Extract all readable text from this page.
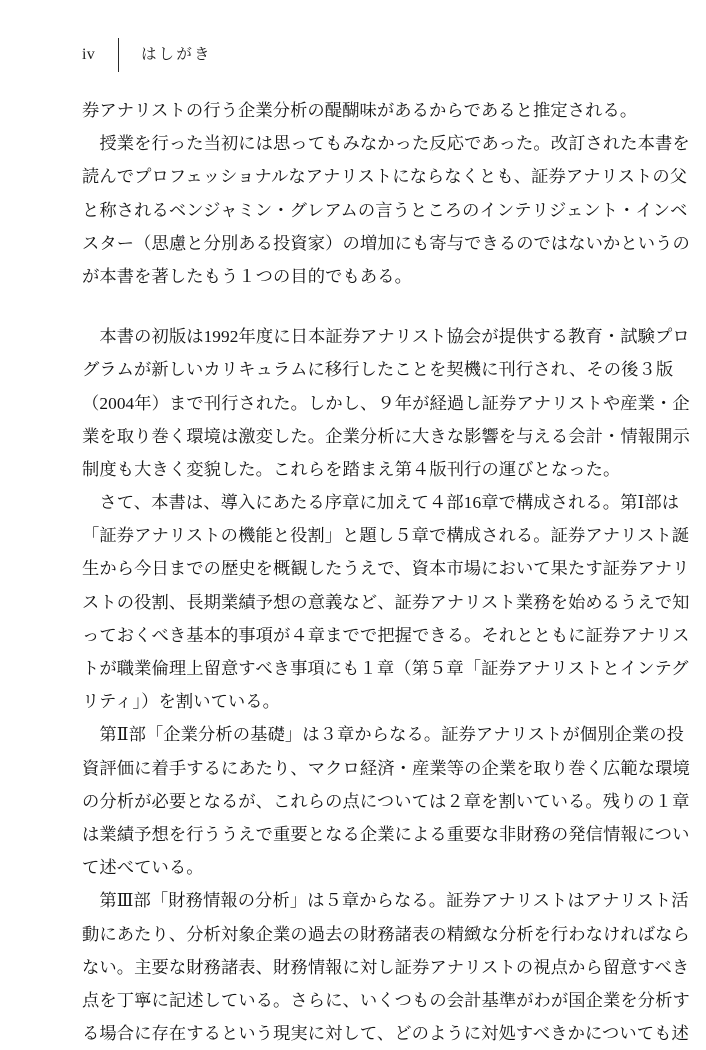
iv	はしがき
券アナリストの行う企業分析の醍醐味があるからであると推定される。
　授業を行った当初には思ってもみなかった反応であった。改訂された本書を
読んでプロフェッショナルなアナリストにならなくとも、証券アナリストの父
と称されるベンジャミン・グレアムの言うところのインテリジェント・インベ
スター（思慮と分別ある投資家）の増加にも寄与できるのではないかというの
が本書を著したもう１つの目的でもある。
　本書の初版は1992年度に日本証券アナリスト協会が提供する教育・試験プロ
グラムが新しいカリキュラムに移行したことを契機に刊行され、その後３版
（2004年）まで刊行された。しかし、９年が経過し証券アナリストや産業・企
業を取り巻く環境は激変した。企業分析に大きな影響を与える会計・情報開示
制度も大きく変貌した。これらを踏まえ第４版刊行の運びとなった。
　さて、本書は、導入にあたる序章に加えて４部16章で構成される。第Ⅰ部は
「証券アナリストの機能と役割」と題し５章で構成される。証券アナリスト誕
生から今日までの歴史を概観したうえで、資本市場において果たす証券アナリ
ストの役割、長期業績予想の意義など、証券アナリスト業務を始めるうえで知
っておくべき基本的事項が４章までで把握できる。それとともに証券アナリス
トが職業倫理上留意すべき事項にも１章（第５章「証券アナリストとインテグ
リティ」）を割いている。
　第Ⅱ部「企業分析の基礎」は３章からなる。証券アナリストが個別企業の投
資評価に着手するにあたり、マクロ経済・産業等の企業を取り巻く広範な環境
の分析が必要となるが、これらの点については２章を割いている。残りの１章
は業績予想を行ううえで重要となる企業による重要な非財務の発信情報につい
て述べている。
　第Ⅲ部「財務情報の分析」は５章からなる。証券アナリストはアナリスト活
動にあたり、分析対象企業の過去の財務諸表の精緻な分析を行わなければなら
ない。主要な財務諸表、財務情報に対し証券アナリストの視点から留意すべき
点を丁寧に記述している。さらに、いくつもの会計基準がわが国企業を分析す
る場合に存在するという現実に対して、どのように対処すべきかについても述
